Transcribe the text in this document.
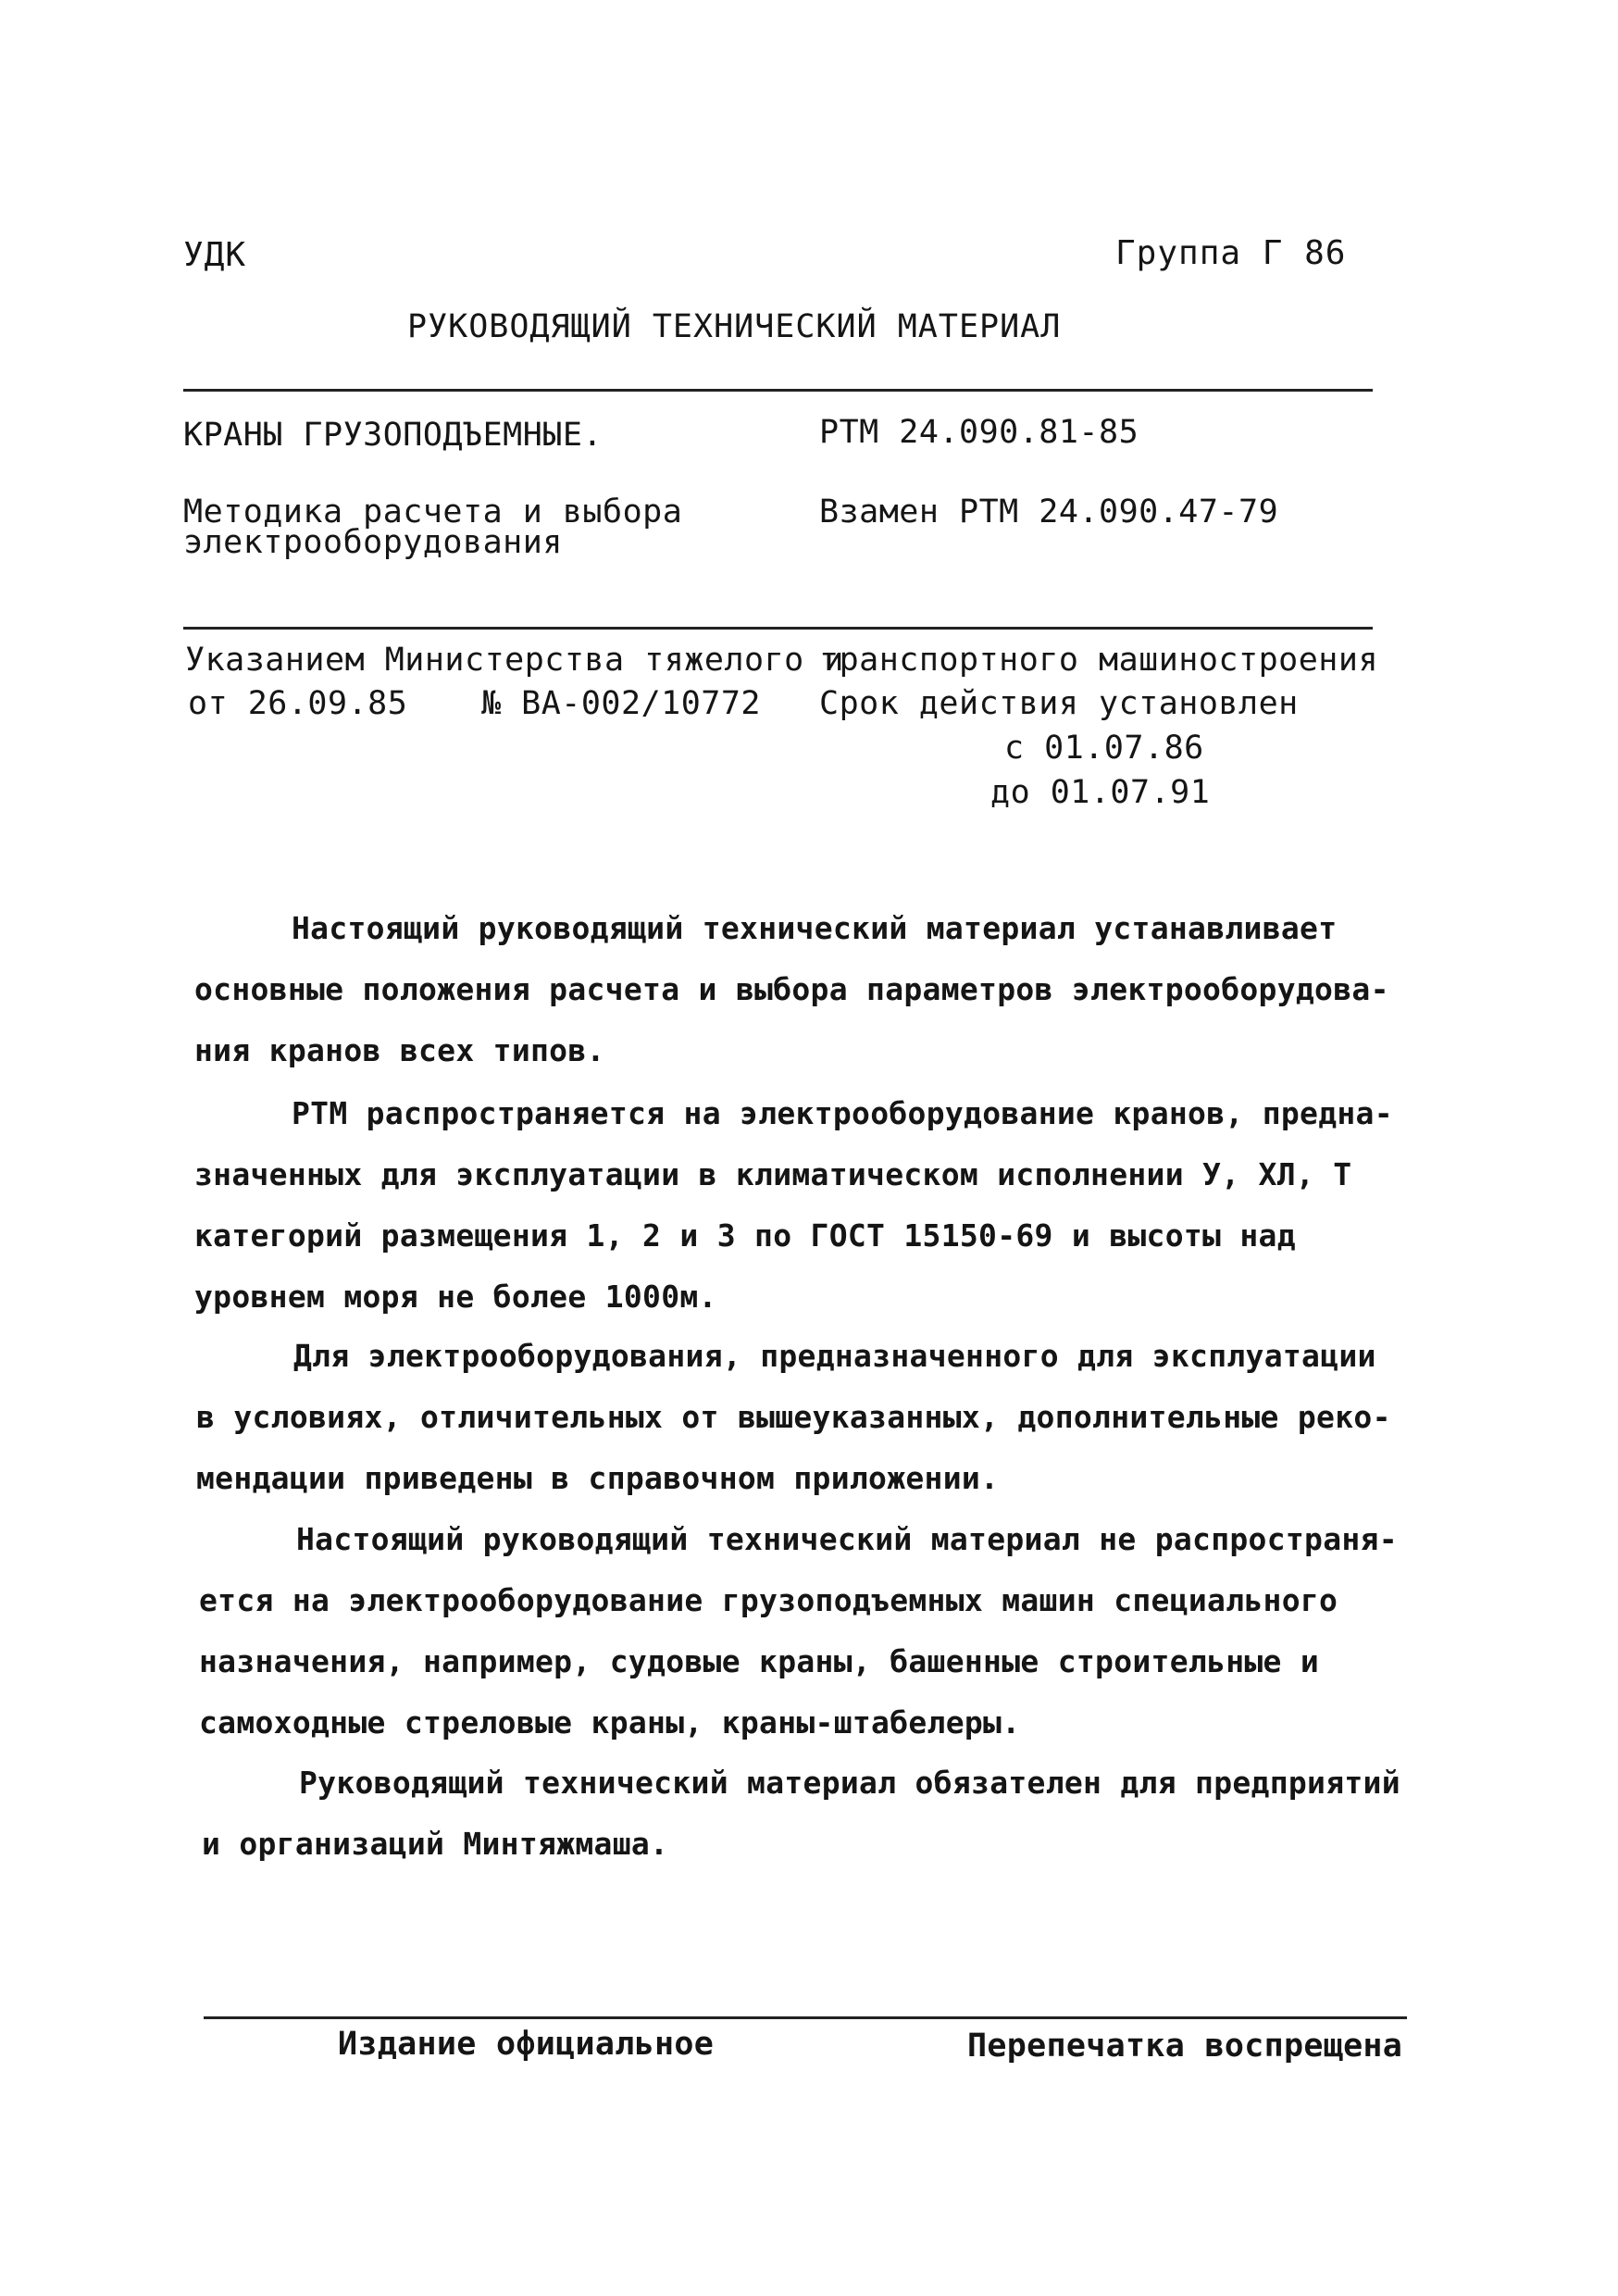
УДК	Группа Г 86
РУКОВОДЯЩИЙ ТЕХНИЧЕСКИЙ МАТЕРИАЛ
КРАНЫ ГРУЗОПОДЪЕМНЫЕ.	РТМ 24.090.81-85
Методика расчета и выбора
электрооборудования
Взамен РТМ 24.090.47-79
Указанием Министерства тяжелого и
транспортного машиностроения
от 26.09.85 № ВА-002/10772 Срок действия установлен
с 01.07.86
до 01.07.91
Настоящий руководящий технический материал устанавливает
основные положения расчета и выбора параметров электрооборудова-
ния кранов всех типов.
РТМ распространяется на электрооборудование кранов, предна-
значенных для эксплуатации в климатическом исполнении У, ХЛ, Т
категорий размещения 1, 2 и 3 по ГОСТ 15150-69 и высоты над
уровнем моря не более 1000м.
Для электрооборудования, предназначенного для эксплуатации
в условиях, отличительных от вышеуказанных, дополнительные реко-
мендации приведены в справочном приложении.
Настоящий руководящий технический материал не распространя-
ется на электрооборудование грузоподъемных машин специального
назначения, например, судовые краны, башенные строительные и
самоходные стреловые краны, краны-штабелеры.
Руководящий технический материал обязателен для предприятий
и организаций Минтяжмаша.
Издание официальное	Перепечатка воспрещена
